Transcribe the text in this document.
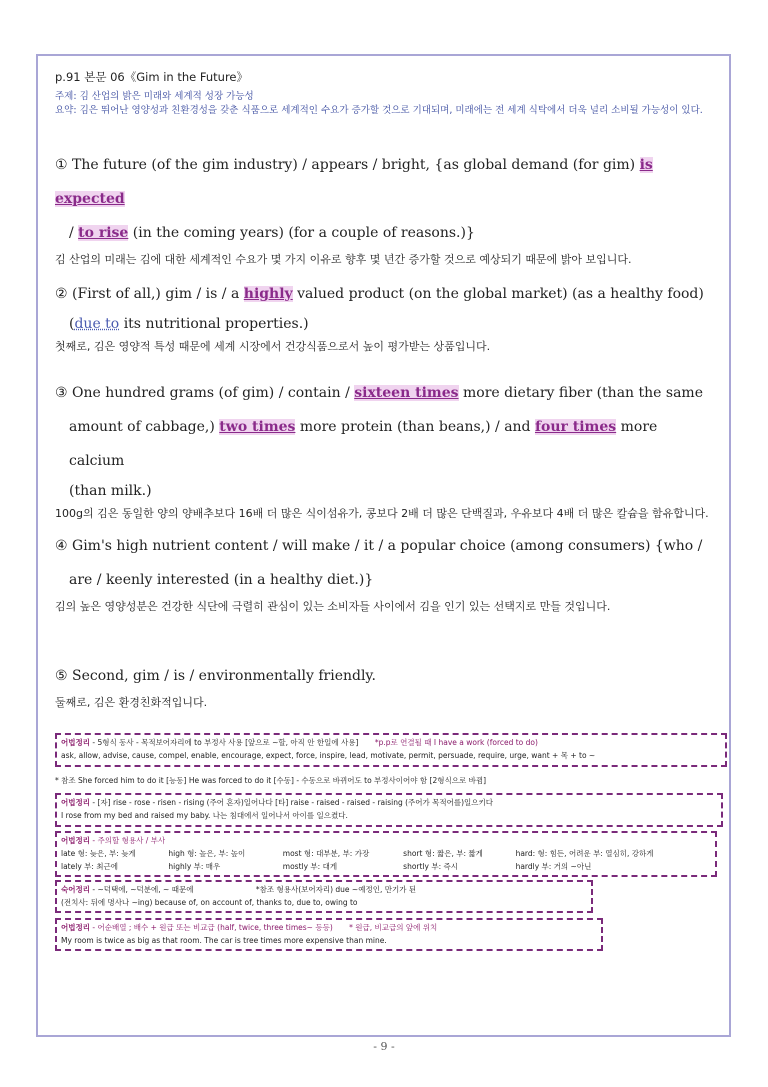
p.91 본문 06《Gim in the Future》
주제: 김 산업의 밝은 미래와 세계적 성장 가능성
요약: 김은 뛰어난 영양성과 친환경성을 갖춘 식품으로 세계적인 수요가 증가할 것으로 기대되며, 미래에는 전 세계 식탁에서 더욱 널리 소비될 가능성이 있다.
① The future (of the gim industry) / appears / bright, {as global demand (for gim) is expected
/ to rise (in the coming years) (for a couple of reasons.)}
김 산업의 미래는 김에 대한 세계적인 수요가 몇 가지 이유로 향후 몇 년간 증가할 것으로 예상되기 때문에 밝아 보입니다.
② (First of all,) gim / is / a highly valued product (on the global market) (as a healthy food)
(due to its nutritional properties.)
첫째로, 김은 영양적 특성 때문에 세계 시장에서 건강식품으로서 높이 평가받는 상품입니다.
③ One hundred grams (of gim) / contain / sixteen times more dietary fiber (than the same
amount of cabbage,) two times more protein (than beans,) / and four times more calcium
(than milk.)
100g의 김은 동일한 양의 양배추보다 16배 더 많은 식이섬유가, 콩보다 2배 더 많은 단백질과, 우유보다 4배 더 많은 칼슘을 함유합니다.
④ Gim's high nutrient content / will make / it / a popular choice (among consumers) {who /
are / keenly interested (in a healthy diet.)}
김의 높은 영양성분은 건강한 식단에 극렬히 관심이 있는 소비자들 사이에서 김을 인기 있는 선택지로 만들 것입니다.
⑤ Second, gim / is / environmentally friendly.
둘째로, 김은 환경친화적입니다.
어법정리 - 5형식 동사 - 목적보어자리에 to 부정사 사용 [앞으로 ~할, 아직 안 한일에 사용] *p.p로 연결될 때 I have a work (forced to do)
ask, allow, advise, cause, compel, enable, encourage, expect, force, inspire, lead, motivate, permit, persuade, require, urge, want + 목 + to ~
* 참조 She forced him to do it [능동] He was forced to do it [수동] - 수동으로 바뀌어도 to 부정사이어야 함 [2형식으로 바뀜]
어법정리 - [자] rise - rose - risen - rising (주어 혼자)일어나다 [타] raise - raised - raised - raising (주어가 목적어를)일으키다
I rose from my bed and raised my baby. 나는 침대에서 일어나서 아이를 일으켰다.
어법정리 - 주의할 형용사 / 부사
late 형: 늦은, 부: 늦게	high 형: 높은, 부: 높이	most 형: 대부분, 부: 가장	short 형: 짧은, 부: 짧게	hard: 형: 힘든, 어려운 부: 열심히, 강하게
lately 부: 최근에	highly 부: 매우	mostly 부: 대게	shortly 부: 즉시	hardly 부: 거의 ~아닌
숙어정리 - ~덕택에, ~덕분에, ~ 때문에	*참조 형용사(보어자리) due ~예정인, 만기가 된
(전치사: 뒤에 명사나 ~ing) because of, on account of, thanks to, due to, owing to
어법정리 - 어순배열 ; 배수 + 원급 또는 비교급 (half, twice, three times~ 등등) * 원급, 비교급의 앞에 위치
My room is twice as big as that room. The car is tree times more expensive than mine.
- 9 -
